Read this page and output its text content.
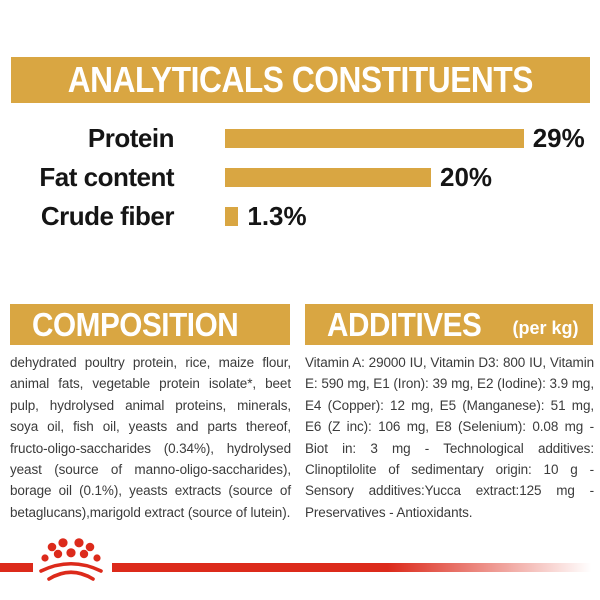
ANALYTICALS CONSTITUENTS
Protein	29%
Fat content	20%
Crude fiber	1.3%
COMPOSITION
dehydrated poultry protein, rice, maize flour, animal fats, vegetable protein isolate*, beet pulp, hydrolysed animal proteins, minerals, soya oil, fish oil, yeasts and parts thereof, fructo-oligo-saccharides (0.34%), hydrolysed yeast (source of manno-oligo-saccharides), borage oil (0.1%), yeasts extracts (source of betaglucans),marigold extract (source of lutein).
ADDITIVES (per kg)
Vitamin A: 29000 IU, Vitamin D3: 800 IU, Vitamin E: 590 mg, E1 (Iron): 39 mg, E2 (Iodine): 3.9 mg, E4 (Copper): 12 mg, E5 (Manganese): 51 mg, E6 (Z inc): 106 mg, E8 (Selenium): 0.08 mg - Biot in: 3 mg - Technological additives: Clinoptilolite of sedimentary origin: 10 g - Sensory additives:Yucca extract:125 mg - Preservatives - Antioxidants.
